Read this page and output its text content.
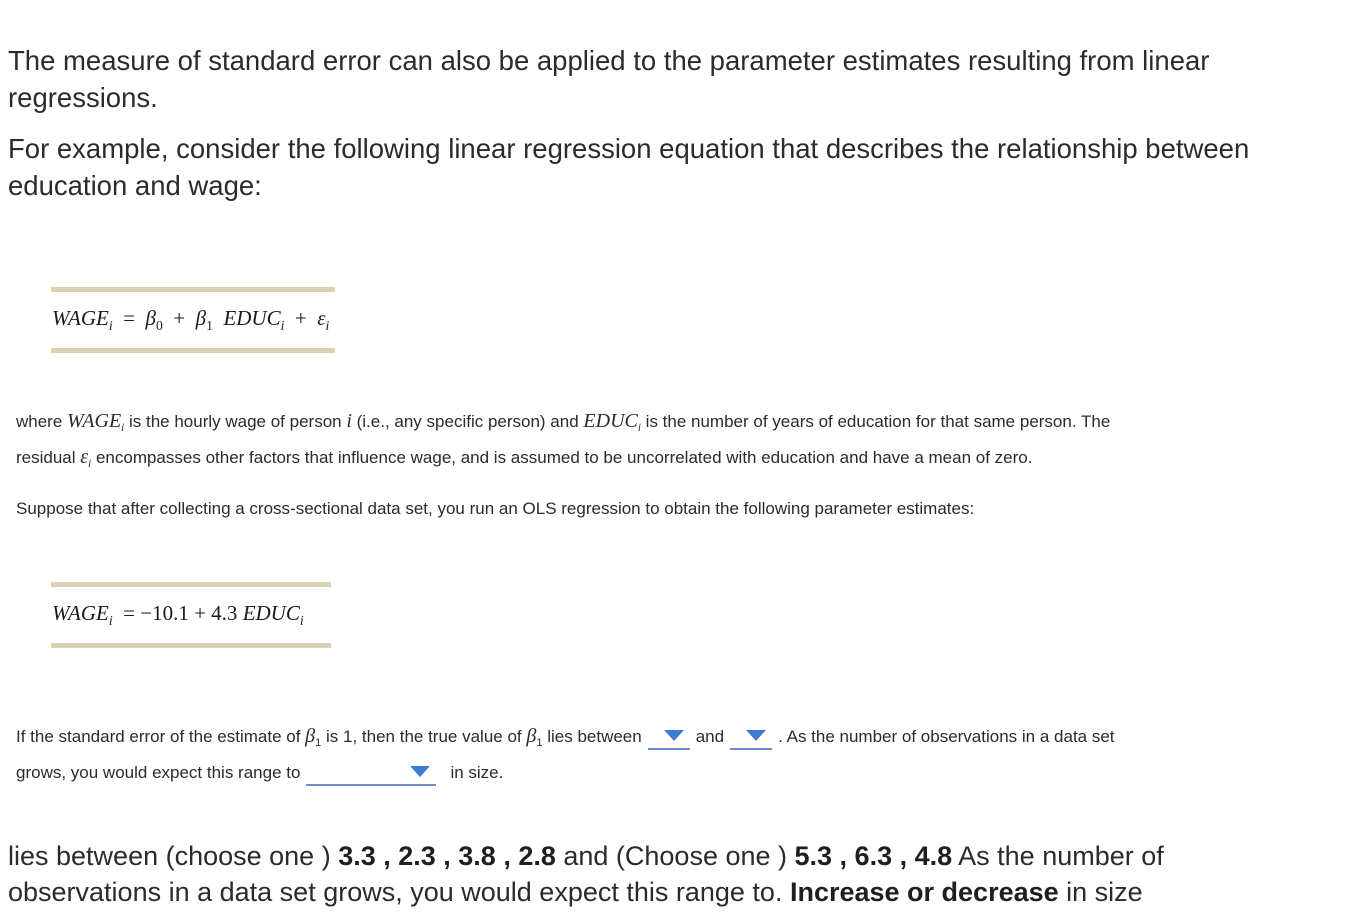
The measure of standard error can also be applied to the parameter estimates resulting from linear regressions.

For example, consider the following linear regression equation that describes the relationship between education and wage:

$WAGE_i = \beta_0 + \beta_1$ $EDUC_i + \varepsilon_i$

where $WAGE_i$ is the hourly wage of person i (i.e., any specific person) and $EDUC_i$ is the number of years of education for that same person. The

residual $\varepsilon_i$ encompasses other factors that influence wage, and is assumed to be uncorrelated with education and have a mean of zero.

Suppose that after collecting a cross-sectional data set, you run an OLS regression to obtain the following parameter estimates:

$WAGE_i = -10.1 + 4.3$ $EDUC_i$

If the standard error of the estimate of $\beta_1$ is 1, then the true value of $\beta_1$ lies between	and	. As the number of observations in a data set

grows, you would expect this range to	in size.

lies between (choose one ) 3.3 , 2.3 , 3.8 , 2.8 and (Choose one ) 5.3 , 6.3 , 4.8 As the number of

observations in a data set grows, you would expect this range to. Increase or decrease in size
